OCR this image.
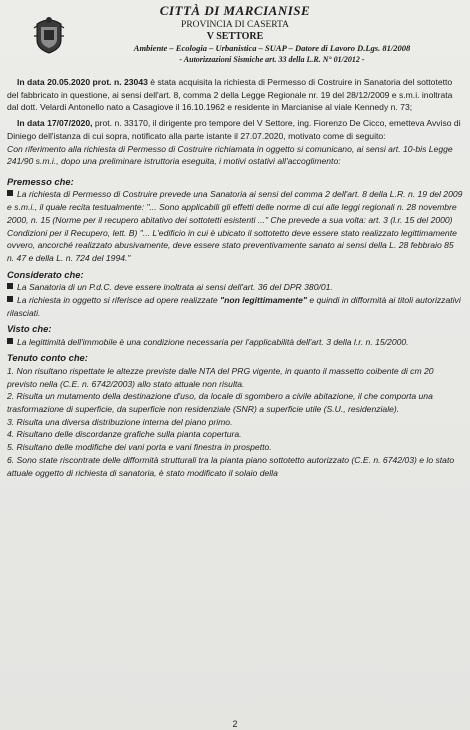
CITTÀ DI MARCIANISE
PROVINCIA DI CASERTA
V SETTORE
Ambiente – Ecologia – Urbanistica – SUAP – Datore di Lavoro D.Lgs. 81/2008
- Autorizzazioni Sismiche art. 33 della L.R. N° 01/2012 -

In data 20.05.2020 prot. n. 23043 è stata acquisita la richiesta di Permesso di Costruire in Sanatoria del sottotetto del fabbricato in questione, ai sensi dell'art. 8, comma 2 della Legge Regionale nr. 19 del 28/12/2009 e s.m.i. inoltrata dal dott. Velardi Antonello nato a Casagiove il 16.10.1962 e residente in Marcianise al viale Kennedy n. 73;

In data 17/07/2020, prot. n. 33170, il dirigente pro tempore del V Settore, ing. Fiorenzo De Cicco, emetteva Avviso di Diniego dell'istanza di cui sopra, notificato alla parte istante il 27.07.2020, motivato come di seguito:

Con riferimento alla richiesta di Permesso di Costruire richiamata in oggetto si comunicano, ai sensi art. 10-bis Legge 241/90 s.m.i., dopo una preliminare istruttoria eseguita, i motivi ostativi all'accoglimento:

Premesso che:

La richiesta di Permesso di Costruire prevede una Sanatoria ai sensi del comma 2 dell'art. 8 della L.R. n. 19 del 2009 e s.m.i., il quale recita testualmente: "... Sono applicabili gli effetti delle norme di cui alle leggi regionali n. 28 novembre 2000, n. 15 (Norme per il recupero abitativo dei sottotetti esistenti ..." Che prevede a sua volta: art. 3 (l.r. 15 del 2000) Condizioni per il Recupero, lett. B) "... L'edificio in cui è ubicato il sottotetto deve essere stato realizzato legittimamente ovvero, ancorché realizzato abusivamente, deve essere stato preventivamente sanato ai sensi della L. 28 febbraio 85 n. 47 e della L. n. 724 del 1994."

Considerato che:

La Sanatoria di un P.d.C. deve essere inoltrata ai sensi dell'art. 36 del DPR 380/01.

La richiesta in oggetto si riferisce ad opere realizzate "non legittimamente" e quindi in difformità ai titoli autorizzativi rilasciati.

Visto che:

La legittimità dell'immobile è una condizione necessaria per l'applicabilità dell'art. 3 della l.r. n. 15/2000.

Tenuto conto che:

1. Non risultano rispettate le altezze previste dalle NTA del PRG vigente, in quanto il massetto coibente di cm 20 previsto nella (C.E. n. 6742/2003) allo stato attuale non risulta.

2. Risulta un mutamento della destinazione d'uso, da locale di sgombero a civile abitazione, il che comporta una trasformazione di superficie, da superficie non residenziale (SNR) a superficie utile (S.U., residenziale).

3. Risulta una diversa distribuzione interna del piano primo.

4. Risultano delle discordanze grafiche sulla pianta copertura.

5. Risultano delle modifiche dei vani porta e vani finestra in prospetto.

6. Sono state riscontrate delle difformità strutturali tra la pianta piano sottotetto autorizzato (C.E. n. 6742/03) e lo stato attuale oggetto di richiesta di sanatoria, è stato modificato il solaio della

2
